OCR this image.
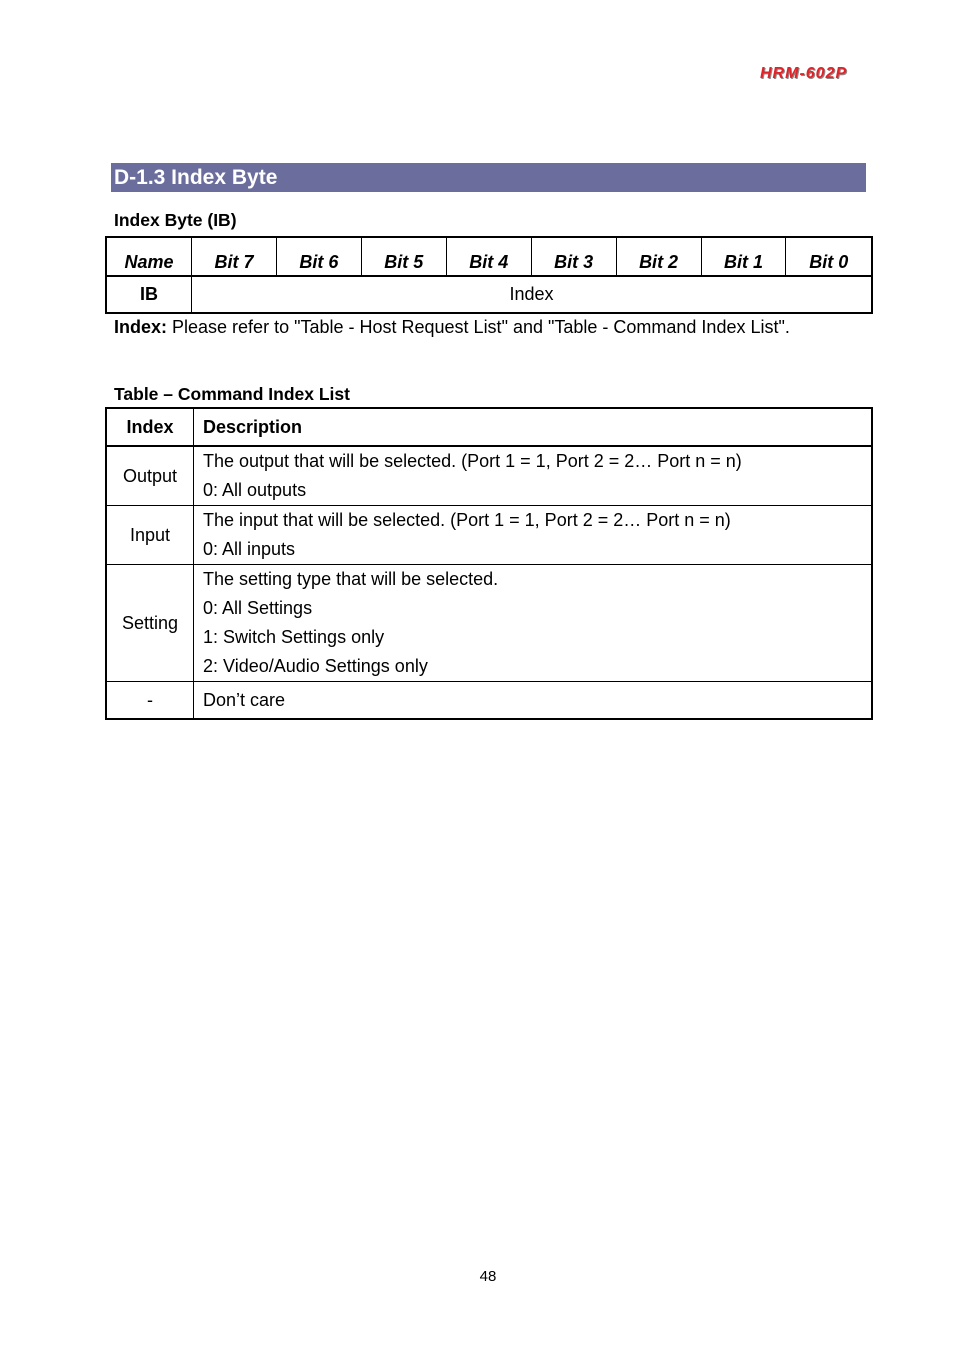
HRM-602P
D-1.3 Index Byte
Index Byte (IB)
Name	Bit 7	Bit 6	Bit 5	Bit 4	Bit 3	Bit 2	Bit 1	Bit 0
IB	Index							
Index: Please refer to "Table - Host Request List" and "Table - Command Index List".
Table – Command Index List
Index	Description
Output	The output that will be selected. (Port 1 = 1, Port 2 = 2… Port n = n)
0: All outputs

Input	The input that will be selected. (Port 1 = 1, Port 2 = 2… Port n = n)
0: All inputs

Setting	The setting type that will be selected.
0: All Settings
1: Switch Settings only
2: Video/Audio Settings only

-	Don’t care
48
